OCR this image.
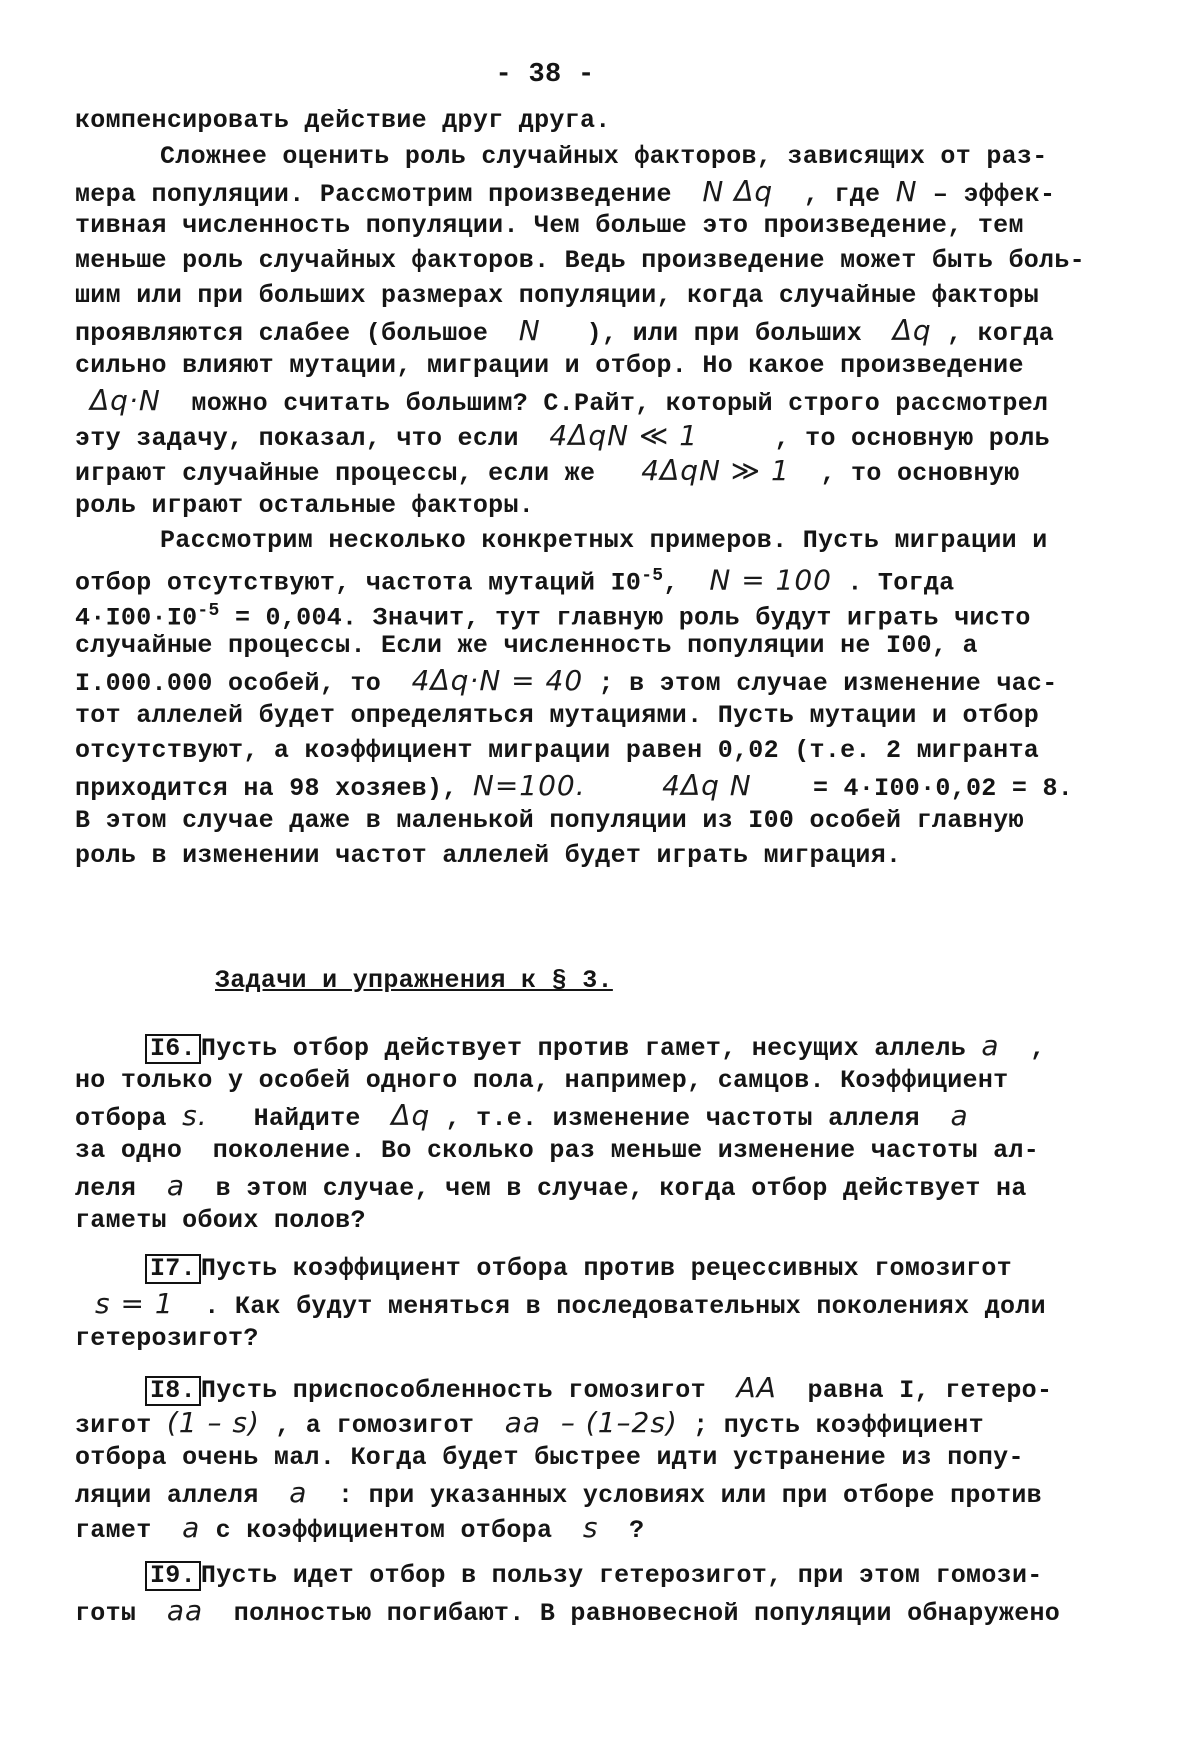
- 38 -
компенсировать действие друг друга.
Сложнее оценить роль случайных факторов, зависящих от раз-
мера популяции. Рассмотрим произведение N Δq , где N – эффек-
тивная численность популяции. Чем больше это произведение, тем
меньше роль случайных факторов. Ведь произведение может быть боль-
шим или при больших размерах популяции, когда случайные факторы
проявляются слабее (большое N ), или при больших Δq , когда
сильно влияют мутации, миграции и отбор. Но какое произведение
Δq·N можно считать большим? С.Райт, который строго рассмотрел
эту задачу, показал, что если 4ΔqN ≪ 1	, то основную роль
играют случайные процессы, если же 4ΔqN ≫ 1 , то основную
роль играют остальные факторы.
Рассмотрим несколько конкретных примеров. Пусть миграции и
отбор отсутствуют, частота мутаций $I0^{-5}$,  N = 100 . Тогда
$4\cdot I00\cdot I0^{-5} = 0,004$. Значит, тут главную роль будут играть чисто
случайные процессы. Если же численность популяции не I00, а
I.000.000 особей, то 4Δq·N = 40 ; в этом случае изменение час-
тот аллелей будет определяться мутациями. Пусть мутации и отбор
отсутствуют, а коэффициент миграции равен 0,02 (т.е. 2 мигранта
приходится на 98 хозяев), N=100.	4Δq N = 4·I00·0,02 = 8.
В этом случае даже в маленькой популяции из I00 особей главную
роль в изменении частот аллелей будет играть миграция.
Задачи и упражнения к § 3.
I6. Пусть отбор действует против гамет, несущих аллель a ,
но только у особей одного пола, например, самцов. Коэффициент
отбора s. Найдите Δq , т.е. изменение частоты аллеля a
за одно  поколение. Во сколько раз меньше изменение частоты ал-
леля a в этом случае, чем в случае, когда отбор действует на
гаметы обоих полов?
I7. Пусть коэффициент отбора против рецессивных гомозигот
s = 1 . Как будут меняться в последовательных поколениях доли
гетерозигот?
I8. Пусть приспособленность гомозигот AA равна I, гетеро-
зигот (1 – s) , а гомозигот aa  – (1–2s) ; пусть коэффициент
отбора очень мал. Когда будет быстрее идти устранение из попу-
ляции аллеля a : при указанных условиях или при отборе против
гамет a с коэффициентом отбора s ?
I9. Пусть идет отбор в пользу гетерозигот, при этом гомози-
готы aa полностью погибают. В равновесной популяции обнаружено
